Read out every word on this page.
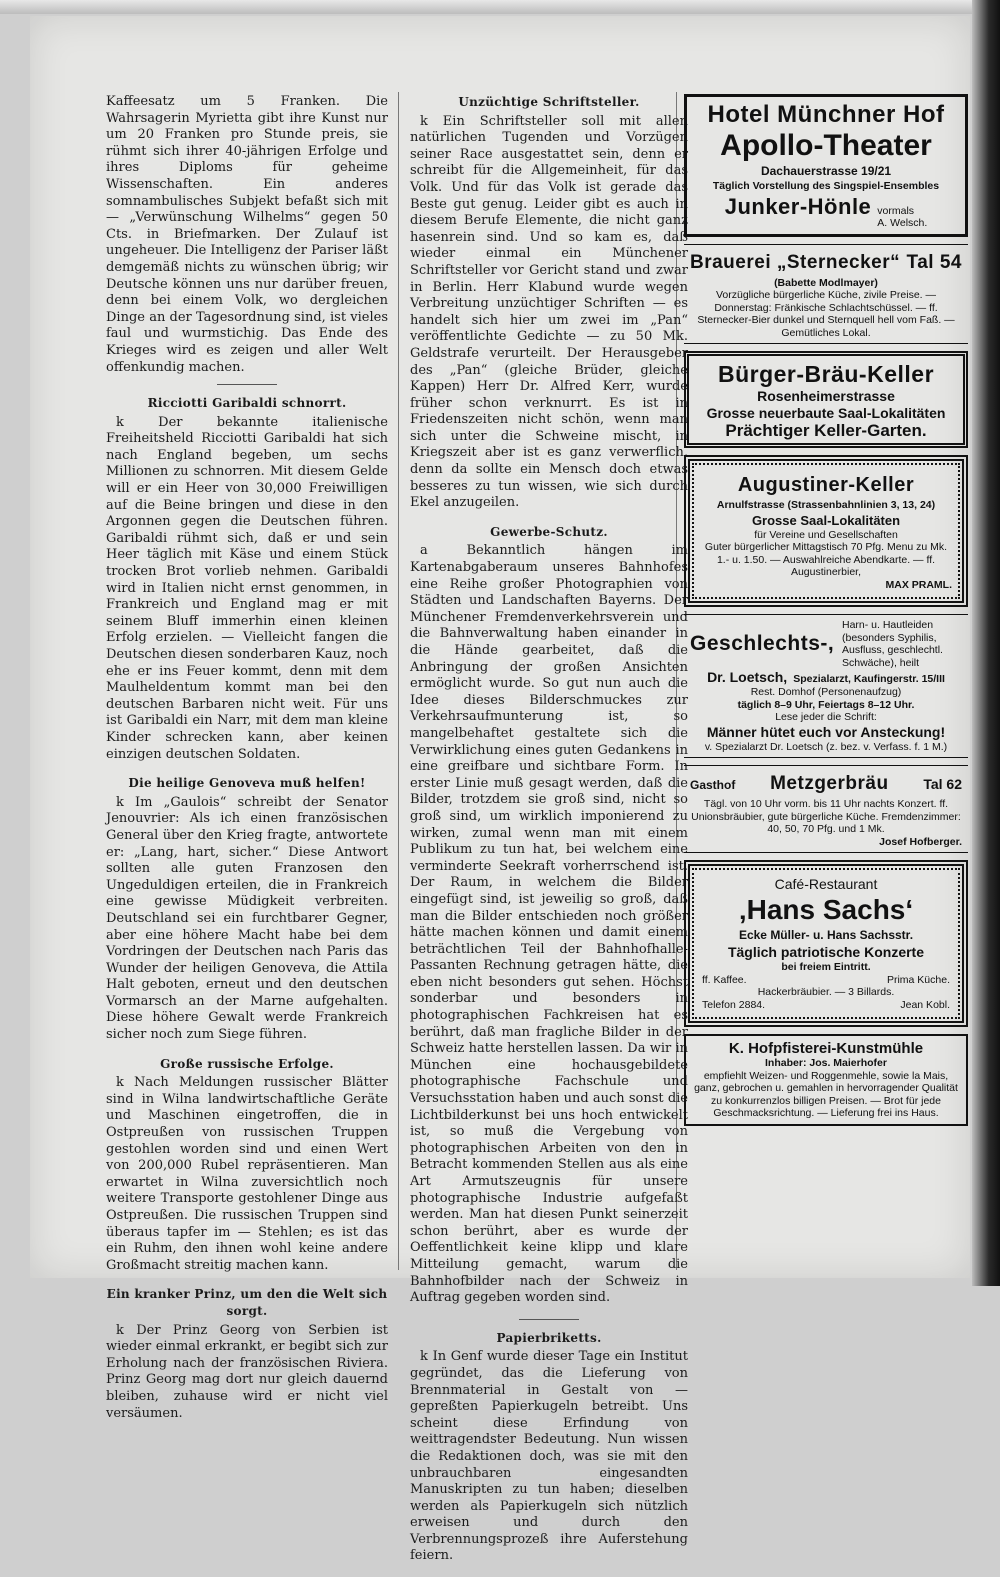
Kaffeesatz um 5 Franken. Die Wahrsagerin Myrietta gibt ihre Kunst nur um 20 Franken pro Stunde preis, sie rühmt sich ihrer 40-jährigen Erfolge und ihres Diploms für geheime Wissenschaften. Ein anderes somnambulisches Subjekt befaßt sich mit — „Verwünschung Wilhelms“ gegen 50 Cts. in Briefmarken. Der Zulauf ist ungeheuer. Die Intelligenz der Pariser läßt demgemäß nichts zu wünschen übrig; wir Deutsche können uns nur darüber freuen, denn bei einem Volk, wo dergleichen Dinge an der Tagesordnung sind, ist vieles faul und wurmstichig. Das Ende des Krieges wird es zeigen und aller Welt offenkundig machen.

Ricciotti Garibaldi schnorrt.

k Der bekannte italienische Freiheitsheld Ricciotti Garibaldi hat sich nach England begeben, um sechs Millionen zu schnorren. Mit diesem Gelde will er ein Heer von 30,000 Freiwilligen auf die Beine bringen und diese in den Argonnen gegen die Deutschen führen. Garibaldi rühmt sich, daß er und sein Heer täglich mit Käse und einem Stück trocken Brot vorlieb nehmen. Garibaldi wird in Italien nicht ernst genommen, in Frankreich und England mag er mit seinem Bluff immerhin einen kleinen Erfolg erzielen. — Vielleicht fangen die Deutschen diesen sonderbaren Kauz, noch ehe er ins Feuer kommt, denn mit dem Maulheldentum kommt man bei den deutschen Barbaren nicht weit. Für uns ist Garibaldi ein Narr, mit dem man kleine Kinder schrecken kann, aber keinen einzigen deutschen Soldaten.

Die heilige Genoveva muß helfen!

k Im „Gaulois“ schreibt der Senator Jenouvrier: Als ich einen französischen General über den Krieg fragte, antwortete er: „Lang, hart, sicher.“ Diese Antwort sollten alle guten Franzosen den Ungeduldigen erteilen, die in Frankreich eine gewisse Müdigkeit verbreiten. Deutschland sei ein furchtbarer Gegner, aber eine höhere Macht habe bei dem Vordringen der Deutschen nach Paris das Wunder der heiligen Genoveva, die Attila Halt geboten, erneut und den deutschen Vormarsch an der Marne aufgehalten. Diese höhere Gewalt werde Frankreich sicher noch zum Siege führen.

Große russische Erfolge.

k Nach Meldungen russischer Blätter sind in Wilna landwirtschaftliche Geräte und Maschinen eingetroffen, die in Ostpreußen von russischen Truppen gestohlen worden sind und einen Wert von 200,000 Rubel repräsentieren. Man erwartet in Wilna zuversichtlich noch weitere Transporte gestohlener Dinge aus Ostpreußen. Die russischen Truppen sind überaus tapfer im — Stehlen; es ist das ein Ruhm, den ihnen wohl keine andere Großmacht streitig machen kann.

Ein kranker Prinz, um den die Welt sich sorgt.

k Der Prinz Georg von Serbien ist wieder einmal erkrankt, er begibt sich zur Erholung nach der französischen Riviera. Prinz Georg mag dort nur gleich dauernd bleiben, zuhause wird er nicht viel versäumen.

Unzüchtige Schriftsteller.

k Ein Schriftsteller soll mit allen natürlichen Tugenden und Vorzügen seiner Race ausgestattet sein, denn er schreibt für die Allgemeinheit, für das Volk. Und für das Volk ist gerade das Beste gut genug. Leider gibt es auch in diesem Berufe Elemente, die nicht ganz hasenrein sind. Und so kam es, daß wieder einmal ein Münchener Schriftsteller vor Gericht stand und zwar in Berlin. Herr Klabund wurde wegen Verbreitung unzüchtiger Schriften — es handelt sich hier um zwei im „Pan“ veröffentlichte Gedichte — zu 50 Mk. Geldstrafe verurteilt. Der Herausgeber des „Pan“ (gleiche Brüder, gleiche Kappen) Herr Dr. Alfred Kerr, wurde früher schon verknurrt. Es ist in Friedenszeiten nicht schön, wenn man sich unter die Schweine mischt, in Kriegszeit aber ist es ganz verwerflich, denn da sollte ein Mensch doch etwas besseres zu tun wissen, wie sich durch Ekel anzugeilen.

Gewerbe-Schutz.

a Bekanntlich hängen im Kartenabgaberaum unseres Bahnhofes eine Reihe großer Photographien von Städten und Landschaften Bayerns. Der Münchener Fremdenverkehrsverein und die Bahnverwaltung haben einander in die Hände gearbeitet, daß die Anbringung der großen Ansichten ermöglicht wurde. So gut nun auch die Idee dieses Bilderschmuckes zur Verkehrsaufmunterung ist, so mangelbehaftet gestaltete sich die Verwirklichung eines guten Gedankens in eine greifbare und sichtbare Form. In erster Linie muß gesagt werden, daß die Bilder, trotzdem sie groß sind, nicht so groß sind, um wirklich imponierend zu wirken, zumal wenn man mit einem Publikum zu tun hat, bei welchem eine verminderte Seekraft vorherrschend ist. Der Raum, in welchem die Bilder eingefügt sind, ist jeweilig so groß, daß man die Bilder entschieden noch größer hätte machen können und damit einem beträchtlichen Teil der Bahnhofhalle-Passanten Rechnung getragen hätte, die eben nicht besonders gut sehen. Höchst sonderbar und besonders in photographischen Fachkreisen hat es berührt, daß man fragliche Bilder in der Schweiz hatte herstellen lassen. Da wir in München eine hochausgebildete photographische Fachschule und Versuchsstation haben und auch sonst die Lichtbilderkunst bei uns hoch entwickelt ist, so muß die Vergebung von photographischen Arbeiten von den in Betracht kommenden Stellen aus als eine Art Armutszeugnis für unsere photographische Industrie aufgefaßt werden. Man hat diesen Punkt seinerzeit schon berührt, aber es wurde der Oeffentlichkeit keine klipp und klare Mitteilung gemacht, warum die Bahnhofbilder nach der Schweiz in Auftrag gegeben worden sind.

Papierbriketts.

k In Genf wurde dieser Tage ein Institut gegründet, das die Lieferung von Brennmaterial in Gestalt von — gepreßten Papierkugeln betreibt. Uns scheint diese Erfindung von weittragendster Bedeutung. Nun wissen die Redaktionen doch, was sie mit den unbrauchbaren eingesandten Manuskripten zu tun haben; dieselben werden als Papierkugeln sich nützlich erweisen und durch den Verbrennungsprozeß ihre Auferstehung feiern.

Hotel Münchner Hof
Apollo-Theater
Dachauerstrasse 19/21
Täglich Vorstellung des Singspiel-Ensembles
Junker-Hönle vormals
A. Welsch.
Brauerei „Sternecker“ Tal 54
(Babette Modlmayer)
Vorzügliche bürgerliche Küche, zivile Preise. — Donnerstag: Fränkische Schlachtschüssel. — ff. Sternecker-Bier dunkel und Sternquell hell vom Faß. — Gemütliches Lokal.
Bürger-Bräu-Keller
Rosenheimerstrasse
Grosse neuerbaute Saal-Lokalitäten
Prächtiger Keller-Garten.
Augustiner-Keller
Arnulfstrasse (Strassenbahnlinien 3, 13, 24)
Grosse Saal-Lokalitäten
für Vereine und Gesellschaften
Guter bürgerlicher Mittagstisch 70 Pfg. Menu zu Mk. 1.- u. 1.50. — Auswahlreiche Abendkarte. — ff. Augustinerbier,
MAX PRAML.
Geschlechts-,
Harn- u. Hautleiden (besonders Syphilis, Ausfluss, geschlechtl. Schwäche), heilt
Dr. Loetsch, Spezialarzt, Kaufingerstr. 15/III
Rest. Domhof (Personenaufzug)
täglich 8–9 Uhr, Feiertags 8–12 Uhr.
Lese jeder die Schrift:
Männer hütet euch vor Ansteckung!
v. Spezialarzt Dr. Loetsch (z. bez. v. Verfass. f. 1 M.)
Gasthof Metzgerbräu Tal 62
Tägl. von 10 Uhr vorm. bis 11 Uhr nachts Konzert. ff. Unionsbräubier, gute bürgerliche Küche. Fremdenzimmer: 40, 50, 70 Pfg. und 1 Mk.
Josef Hofberger.
Café-Restaurant
‚Hans Sachs‘
Ecke Müller- u. Hans Sachsstr.
Täglich patriotische Konzerte
bei freiem Eintritt.
ff. Kaffee.	Prima Küche.
Hackerbräubier. — 3 Billards.
Telefon 2884.	Jean Kobl.
K. Hofpfisterei-Kunstmühle
Inhaber: Jos. Maierhofer
empfiehlt Weizen- und Roggenmehle, sowie la Mais, ganz, gebrochen u. gemahlen in hervorragender Qualität zu konkurrenzlos billigen Preisen. — Brot für jede Geschmacksrichtung. — Lieferung frei ins Haus.
